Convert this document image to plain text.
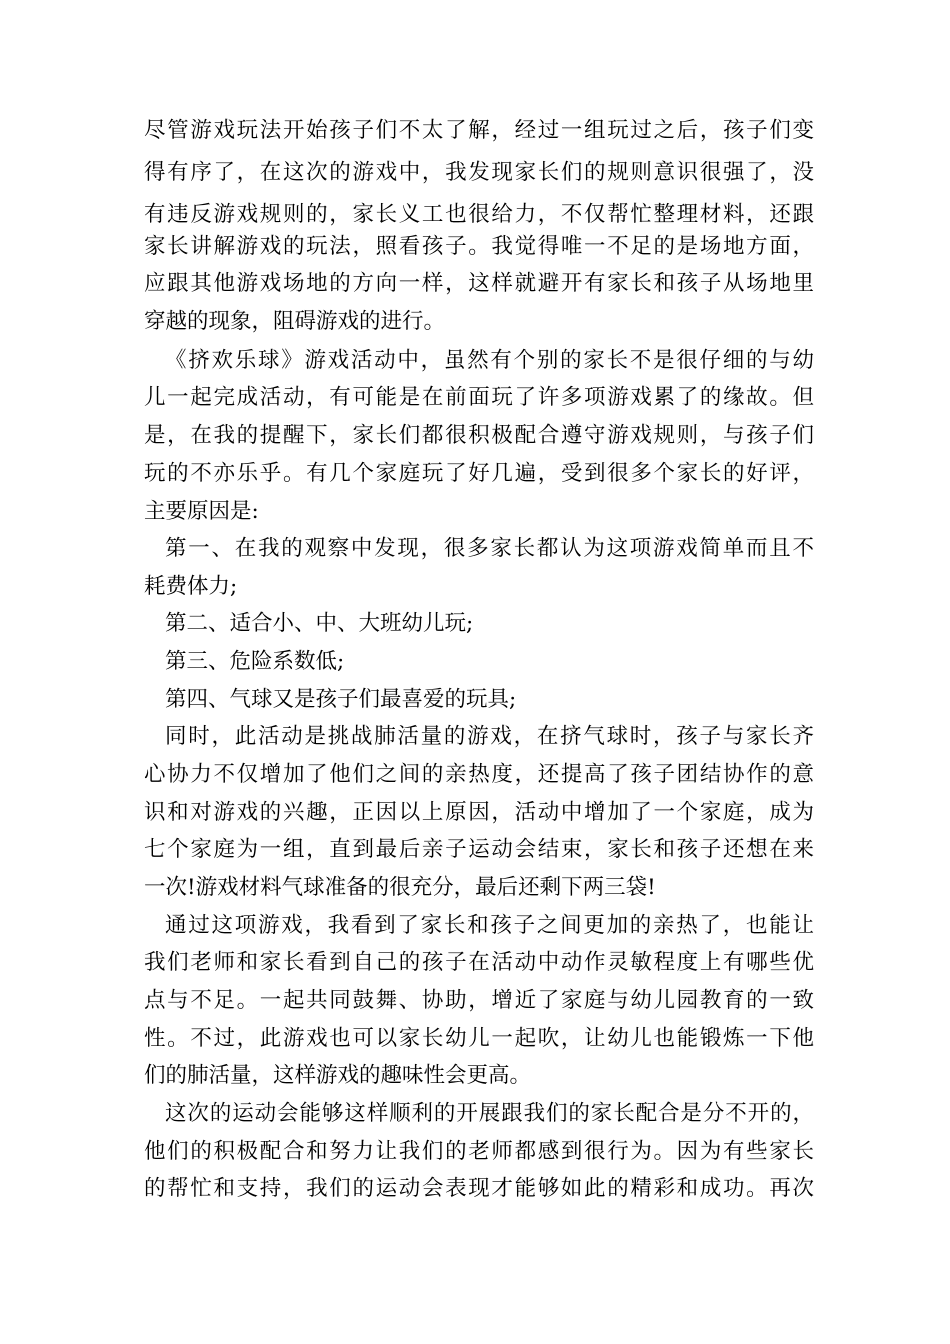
尽管游戏玩法开始孩子们不太了解，经过一组玩过之后，孩子们变
得有序了，在这次的游戏中，我发现家长们的规则意识很强了，没
有违反游戏规则的，家长义工也很给力，不仅帮忙整理材料，还跟
家长讲解游戏的玩法，照看孩子。我觉得唯一不足的是场地方面，
应跟其他游戏场地的方向一样，这样就避开有家长和孩子从场地里
穿越的现象，阻碍游戏的进行。
《挤欢乐球》游戏活动中，虽然有个别的家长不是很仔细的与幼
儿一起完成活动，有可能是在前面玩了许多项游戏累了的缘故。但
是，在我的提醒下，家长们都很积极配合遵守游戏规则，与孩子们
玩的不亦乐乎。有几个家庭玩了好几遍，受到很多个家长的好评，
主要原因是:
第一、在我的观察中发现，很多家长都认为这项游戏简单而且不
耗费体力;
第二、适合小、中、大班幼儿玩;
第三、危险系数低;
第四、气球又是孩子们最喜爱的玩具;
同时，此活动是挑战肺活量的游戏，在挤气球时，孩子与家长齐
心协力不仅增加了他们之间的亲热度，还提高了孩子团结协作的意
识和对游戏的兴趣，正因以上原因，活动中增加了一个家庭，成为
七个家庭为一组，直到最后亲子运动会结束，家长和孩子还想在来
一次!游戏材料气球准备的很充分，最后还剩下两三袋!
通过这项游戏，我看到了家长和孩子之间更加的亲热了，也能让
我们老师和家长看到自己的孩子在活动中动作灵敏程度上有哪些优
点与不足。一起共同鼓舞、协助，增近了家庭与幼儿园教育的一致
性。不过，此游戏也可以家长幼儿一起吹，让幼儿也能锻炼一下他
们的肺活量，这样游戏的趣味性会更高。
这次的运动会能够这样顺利的开展跟我们的家长配合是分不开的，
他们的积极配合和努力让我们的老师都感到很行为。因为有些家长
的帮忙和支持，我们的运动会表现才能够如此的精彩和成功。再次
